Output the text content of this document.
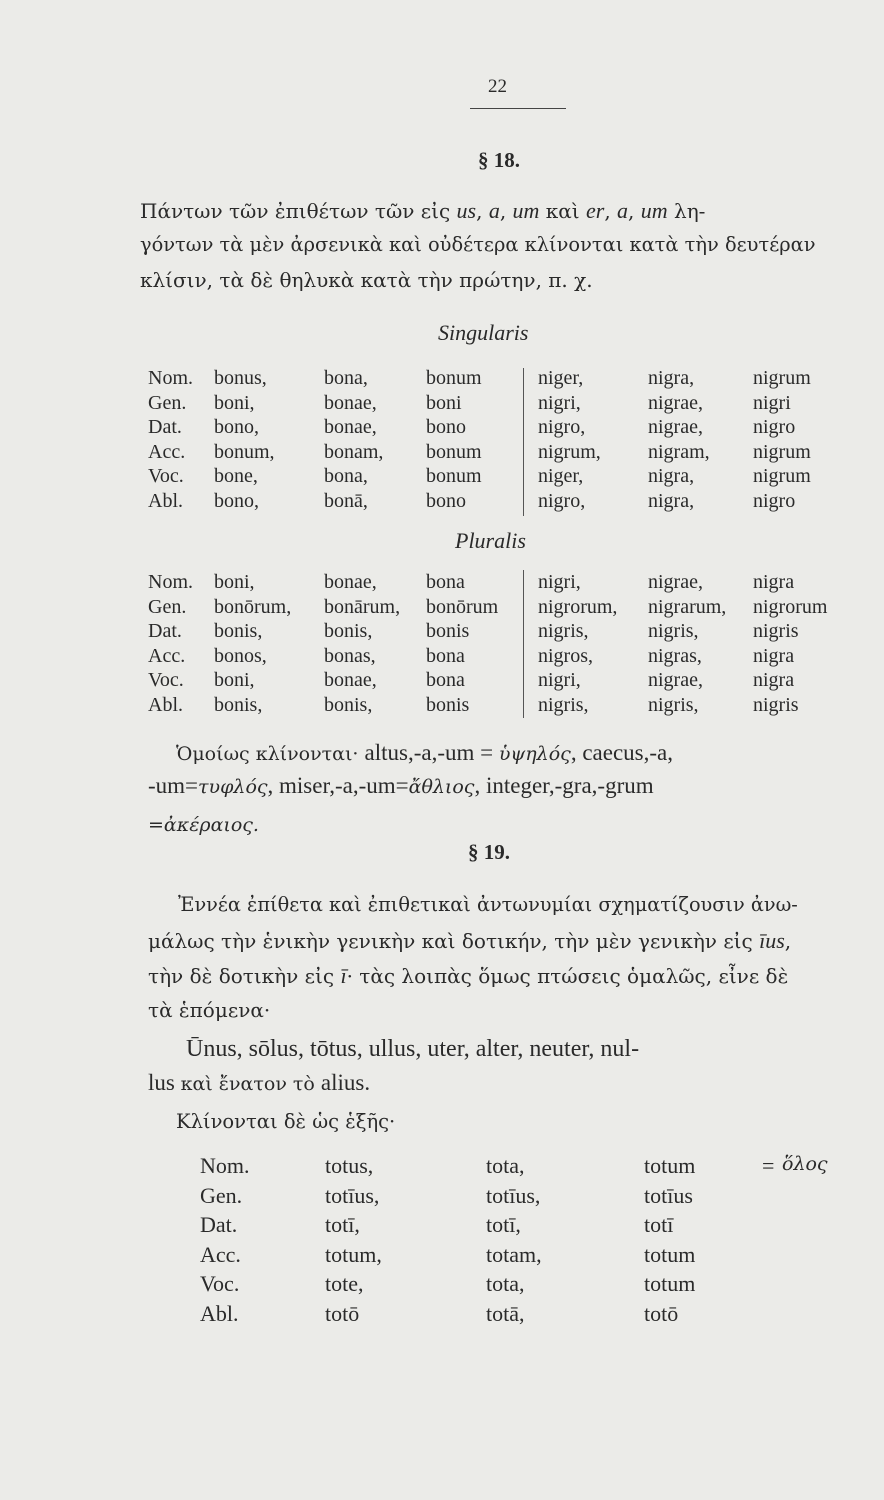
22
§ 18.
Πάντων τῶν ἐπιθέτων τῶν εἰς us, a, um καὶ er, a, um λη-
γόντων τὰ μὲν ἀρσενικὰ καὶ οὐδέτερα κλίνονται κατὰ τὴν δευτέραν
κλίσιν, τὰ δὲ θηλυκὰ κατὰ τὴν πρώτην, π. χ.
Singularis
Nom. bonus,	bona,	bonum	niger,	nigra,	nigrum
Gen. boni,	bonae, boni	nigri,	nigrae,	nigri
Dat. bono,	bonae, bono	nigro,	nigrae,	nigro
Acc. bonum, bonam, bonum	nigrum, nigram, nigrum
Voc. bone,	bona,	bonum	niger,	nigra,	nigrum
Abl. bono,	bonā,	bono	nigro,	nigra,	nigro
Pluralis
Nom. boni,	bonae, bona	nigri,	nigrae,	nigra
Gen. bonōrum, bonārum, bonōrum nigrorum, nigrarum, nigrorum
Dat. bonis,	bonis,	bonis	nigris,	nigris,	nigris
Acc. bonos,	bonas,	bona	nigros,	nigras,	nigra
Voc. boni,	bonae, bona	nigri,	nigrae,	nigra
Abl. bonis,	bonis,	bonis	nigris,	nigris,	nigris
Ὁμοίως κλίνονται· altus,-a,-um = ὑψηλός, caecus,-a,
-um=τυφλός, miser,-a,-um=ἄθλιος, integer,-gra,-grum
=ἀκέραιος.
§ 19.
Ἐννέα ἐπίθετα καὶ ἐπιθετικαὶ ἀντωνυμίαι σχηματίζουσιν ἀνω-
μάλως τὴν ἑνικὴν γενικὴν καὶ δοτικήν, τὴν μὲν γενικὴν εἰς īus,
τὴν δὲ δοτικὴν εἰς ī· τὰς λοιπὰς ὅμως πτώσεις ὁμαλῶς, εἶνε δὲ
τὰ ἑπόμενα·
Ūnus, sōlus, tōtus, ullus, uter, alter, neuter, nul-
lus καὶ ἔνατον τὸ alius.
Κλίνονται δὲ ὡς ἑξῆς·
Nom.	totus,	tota,	totum	= ὅλος
Gen.	totīus,	totīus,	totīus
Dat.	totī,	totī,	totī
Acc.	totum,	totam,	totum
Voc.	tote,	tota,	totum
Abl.	totō	totā,	totō
